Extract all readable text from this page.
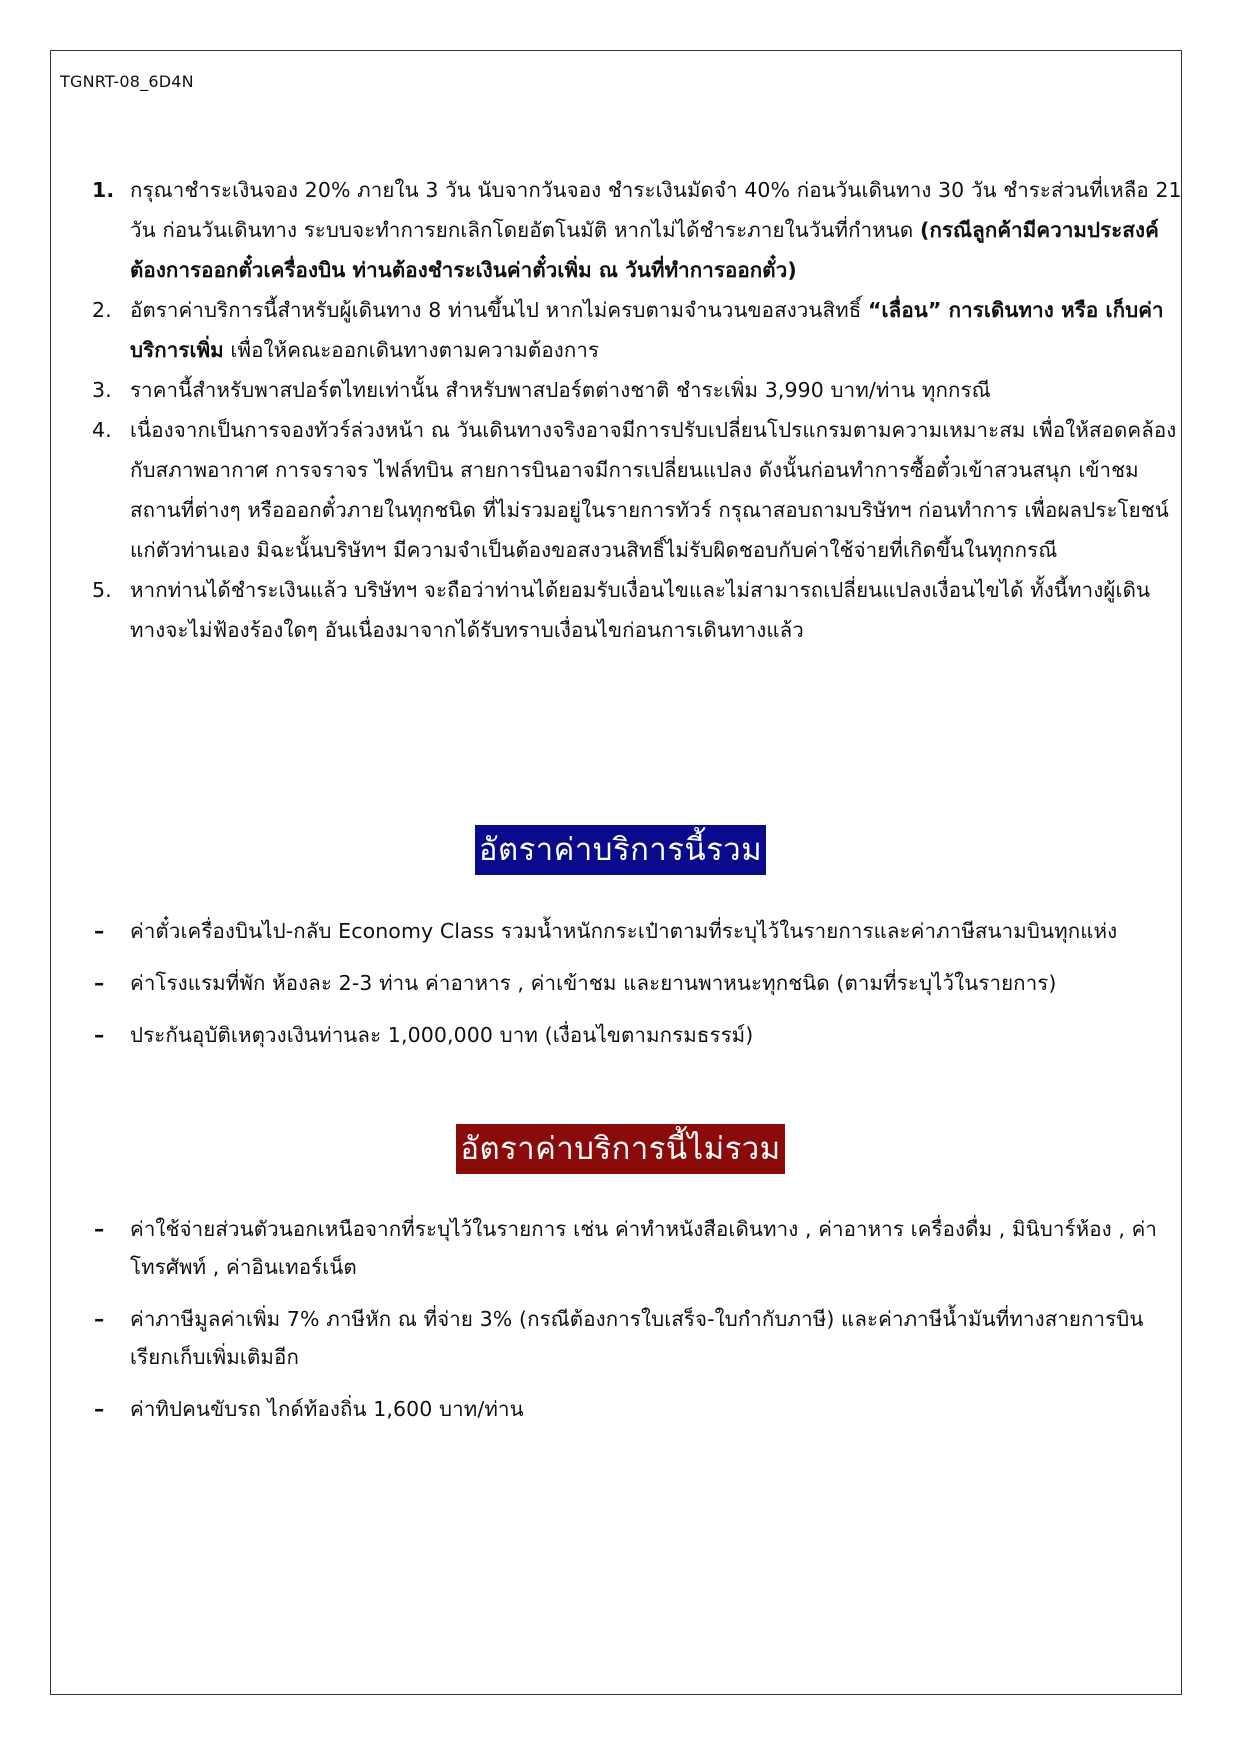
TGNRT-08_6D4N
1. กรุณาชำระเงินจอง 20% ภายใน 3 วัน นับจากวันจอง ชำระเงินมัดจำ 40% ก่อนวันเดินทาง 30 วัน ชำระส่วนที่เหลือ 21 วัน ก่อนวันเดินทาง ระบบจะทำการยกเลิกโดยอัตโนมัติ หากไม่ได้ชำระภายในวันที่กำหนด (กรณีลูกค้ามีความประสงค์ต้องการออกตั๋วเครื่องบิน ท่านต้องชำระเงินค่าตั๋วเพิ่ม ณ วันที่ทำการออกตั๋ว)
2. อัตราค่าบริการนี้สำหรับผู้เดินทาง 8 ท่านขึ้นไป หากไม่ครบตามจำนวนขอสงวนสิทธิ์ “เลื่อน” การเดินทาง หรือ เก็บค่าบริการเพิ่ม เพื่อให้คณะออกเดินทางตามความต้องการ
3. ราคานี้สำหรับพาสปอร์ตไทยเท่านั้น สำหรับพาสปอร์ตต่างชาติ ชำระเพิ่ม 3,990 บาท/ท่าน ทุกกรณี
4. เนื่องจากเป็นการจองทัวร์ล่วงหน้า ณ วันเดินทางจริงอาจมีการปรับเปลี่ยนโปรแกรมตามความเหมาะสม เพื่อให้สอดคล้องกับสภาพอากาศ การจราจร ไฟล์ทบิน สายการบินอาจมีการเปลี่ยนแปลง ดังนั้นก่อนทำการซื้อตั๋วเข้าสวนสนุก เข้าชมสถานที่ต่างๆ หรือออกตั๋วภายในทุกชนิด ที่ไม่รวมอยู่ในรายการทัวร์ กรุณาสอบถามบริษัทฯ ก่อนทำการ เพื่อผลประโยชน์แก่ตัวท่านเอง มิฉะนั้นบริษัทฯ มีความจำเป็นต้องขอสงวนสิทธิ์ไม่รับผิดชอบกับค่าใช้จ่ายที่เกิดขึ้นในทุกกรณี
5. หากท่านได้ชำระเงินแล้ว บริษัทฯ จะถือว่าท่านได้ยอมรับเงื่อนไขและไม่สามารถเปลี่ยนแปลงเงื่อนไขได้ ทั้งนี้ทางผู้เดินทางจะไม่ฟ้องร้องใดๆ อันเนื่องมาจากได้รับทราบเงื่อนไขก่อนการเดินทางแล้ว
อัตราค่าบริการนี้รวม
– ค่าตั๋วเครื่องบินไป-กลับ Economy Class รวมน้ำหนักกระเป๋าตามที่ระบุไว้ในรายการและค่าภาษีสนามบินทุกแห่ง
– ค่าโรงแรมที่พัก ห้องละ 2-3 ท่าน ค่าอาหาร , ค่าเข้าชม และยานพาหนะทุกชนิด (ตามที่ระบุไว้ในรายการ)
– ประกันอุบัติเหตุวงเงินท่านละ 1,000,000 บาท (เงื่อนไขตามกรมธรรม์)
อัตราค่าบริการนี้ไม่รวม
– ค่าใช้จ่ายส่วนตัวนอกเหนือจากที่ระบุไว้ในรายการ เช่น ค่าทำหนังสือเดินทาง , ค่าอาหาร เครื่องดื่ม , มินิบาร์ห้อง , ค่าโทรศัพท์ , ค่าอินเทอร์เน็ต
– ค่าภาษีมูลค่าเพิ่ม 7% ภาษีหัก ณ ที่จ่าย 3% (กรณีต้องการใบเสร็จ-ใบกำกับภาษี) และค่าภาษีน้ำมันที่ทางสายการบินเรียกเก็บเพิ่มเติมอีก
– ค่าทิปคนขับรถ ไกด์ท้องถิ่น 1,600 บาท/ท่าน
